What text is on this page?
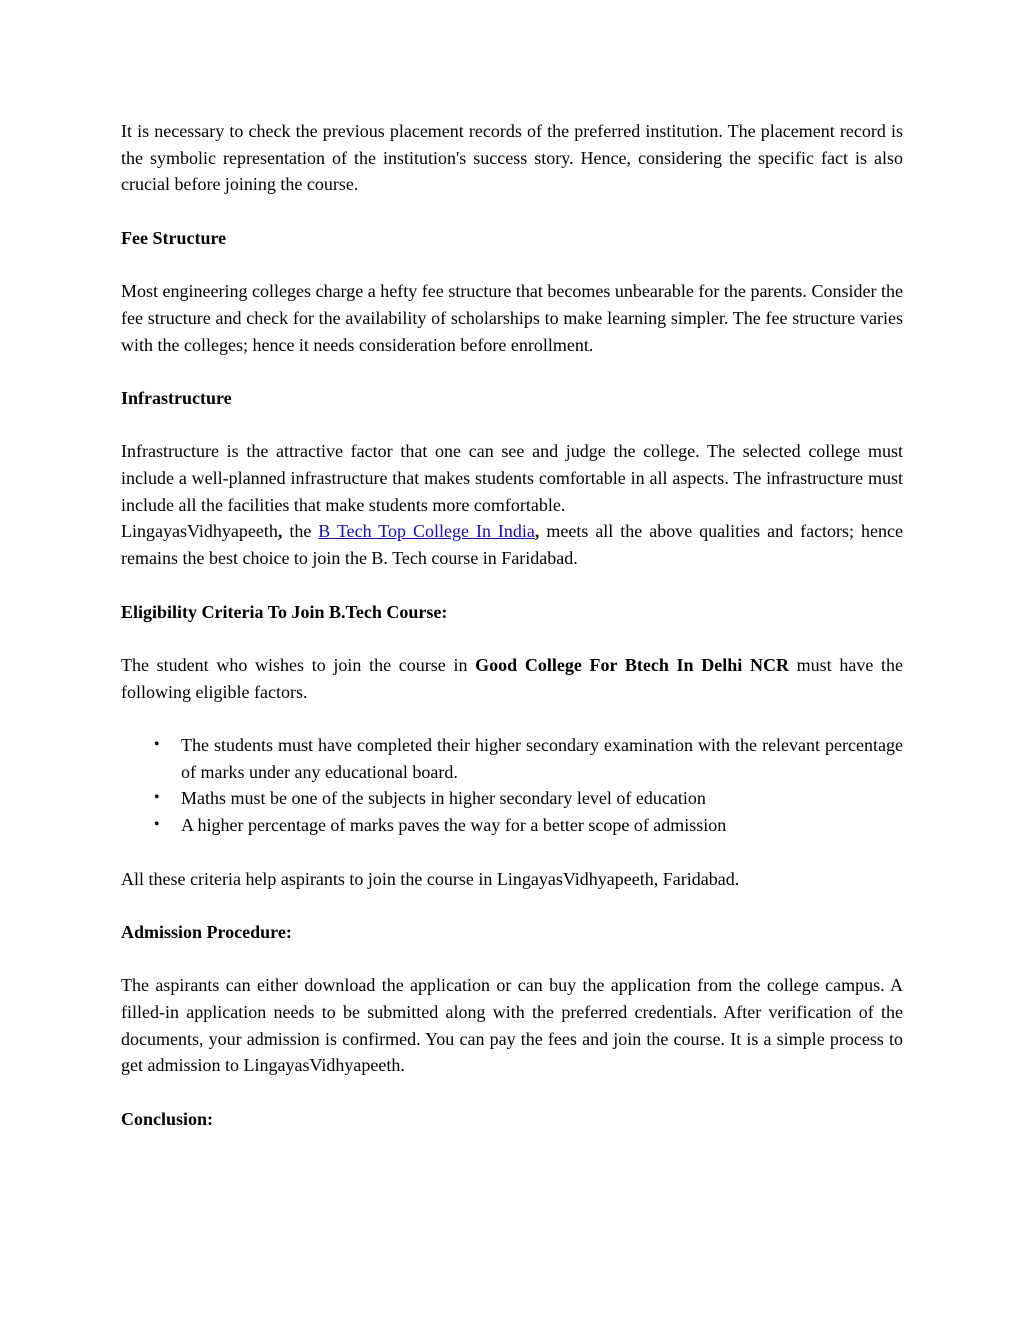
It is necessary to check the previous placement records of the preferred institution. The placement record is the symbolic representation of the institution's success story. Hence, considering the specific fact is also crucial before joining the course.

Fee Structure

Most engineering colleges charge a hefty fee structure that becomes unbearable for the parents. Consider the fee structure and check for the availability of scholarships to make learning simpler. The fee structure varies with the colleges; hence it needs consideration before enrollment.

Infrastructure

Infrastructure is the attractive factor that one can see and judge the college. The selected college must include a well-planned infrastructure that makes students comfortable in all aspects. The infrastructure must include all the facilities that make students more comfortable.

LingayasVidhyapeeth, the B Tech Top College In India, meets all the above qualities and factors; hence remains the best choice to join the B. Tech course in Faridabad.

Eligibility Criteria To Join B.Tech Course:

The student who wishes to join the course in Good College For Btech In Delhi NCR must have the following eligible factors.

• The students must have completed their higher secondary examination with the relevant percentage of marks under any educational board.
• Maths must be one of the subjects in higher secondary level of education
• A higher percentage of marks paves the way for a better scope of admission

All these criteria help aspirants to join the course in LingayasVidhyapeeth, Faridabad.

Admission Procedure:

The aspirants can either download the application or can buy the application from the college campus. A filled-in application needs to be submitted along with the preferred credentials. After verification of the documents, your admission is confirmed. You can pay the fees and join the course. It is a simple process to get admission to LingayasVidhyapeeth.

Conclusion:
